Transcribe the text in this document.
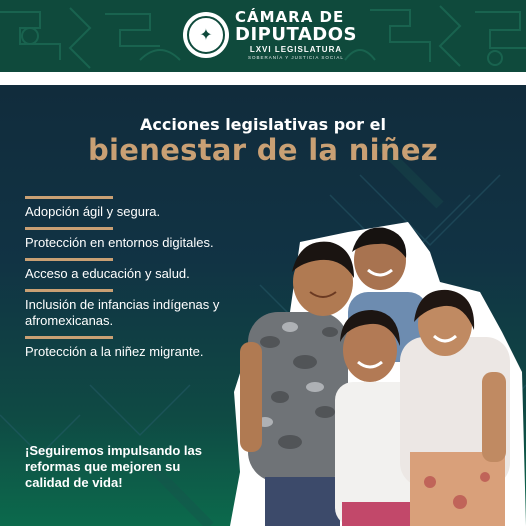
✦
CÁMARA DE
DIPUTADOS
LXVI LEGISLATURA
SOBERANÍA Y JUSTICIA SOCIAL
Acciones legislativas por el
bienestar de la niñez
Adopción ágil y segura.
Protección en entornos digitales.
Acceso a educación y salud.
Inclusión de infancias indígenas y afromexicanas.
Protección a la niñez migrante.
¡Seguiremos impulsando las reformas que mejoren su calidad de vida!
